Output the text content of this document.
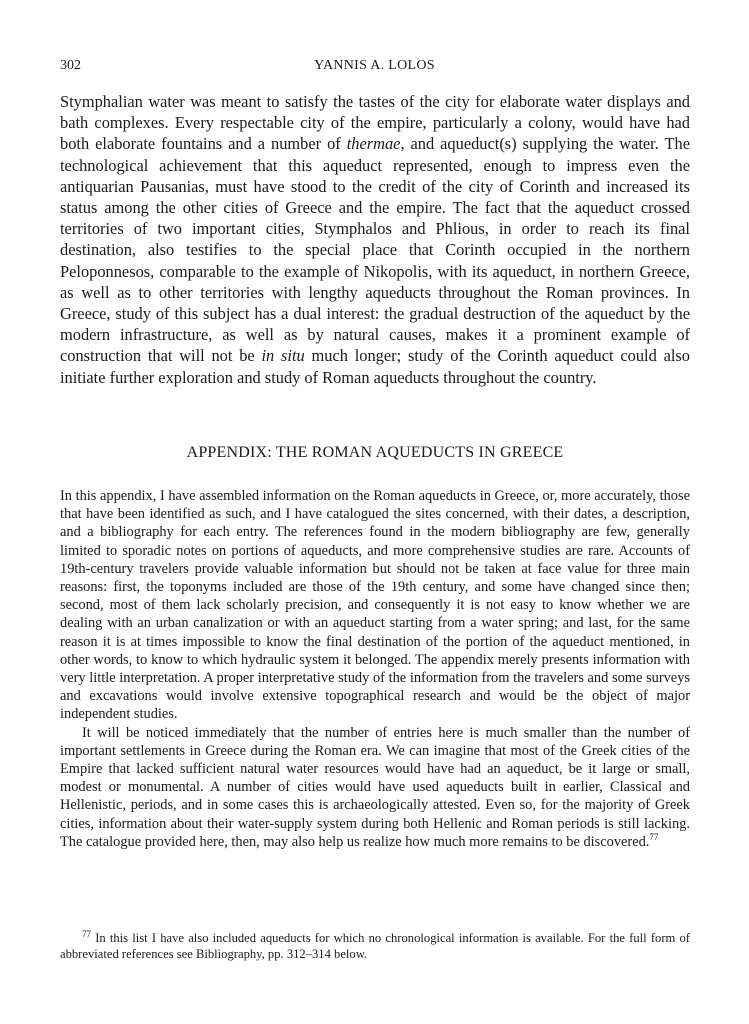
302	YANNIS A. LOLOS

Stymphalian water was meant to satisfy the tastes of the city for elaborate water displays and bath complexes. Every respectable city of the empire, particularly a colony, would have had both elaborate fountains and a number of thermae, and aqueduct(s) supplying the water. The technological achievement that this aqueduct represented, enough to impress even the antiquarian Pausanias, must have stood to the credit of the city of Corinth and increased its status among the other cities of Greece and the empire. The fact that the aqueduct crossed territories of two important cities, Stymphalos and Phlious, in order to reach its final destination, also testifies to the special place that Corinth occupied in the northern Peloponnesos, comparable to the example of Nikopolis, with its aqueduct, in northern Greece, as well as to other territories with lengthy aqueducts throughout the Roman provinces. In Greece, study of this subject has a dual interest: the gradual destruction of the aqueduct by the modern infrastructure, as well as by natural causes, makes it a prominent example of construction that will not be in situ much longer; study of the Corinth aqueduct could also initiate further exploration and study of Roman aqueducts throughout the country.

APPENDIX: THE ROMAN AQUEDUCTS IN GREECE

In this appendix, I have assembled information on the Roman aqueducts in Greece, or, more accurately, those that have been identified as such, and I have catalogued the sites concerned, with their dates, a description, and a bibliography for each entry. The references found in the modern bibliography are few, generally limited to sporadic notes on portions of aqueducts, and more comprehensive studies are rare. Accounts of 19th-century travelers provide valuable information but should not be taken at face value for three main reasons: first, the toponyms included are those of the 19th century, and some have changed since then; second, most of them lack scholarly precision, and consequently it is not easy to know whether we are dealing with an urban canalization or with an aqueduct starting from a water spring; and last, for the same reason it is at times impossible to know the final destination of the portion of the aqueduct mentioned, in other words, to know to which hydraulic system it belonged. The appendix merely presents information with very little interpretation. A proper interpretative study of the information from the travelers and some surveys and excavations would involve extensive topographical research and would be the object of major independent studies.

It will be noticed immediately that the number of entries here is much smaller than the number of important settlements in Greece during the Roman era. We can imagine that most of the Greek cities of the Empire that lacked sufficient natural water resources would have had an aqueduct, be it large or small, modest or monumental. A number of cities would have used aqueducts built in earlier, Classical and Hellenistic, periods, and in some cases this is archaeologically attested. Even so, for the majority of Greek cities, information about their water-supply system during both Hellenic and Roman periods is still lacking. The catalogue provided here, then, may also help us realize how much more remains to be discovered.$^{77}$

$^{77}$ In this list I have also included aqueducts for which no chronological information is available. For the full form of abbreviated references see Bibliography, pp. 312–314 below.
